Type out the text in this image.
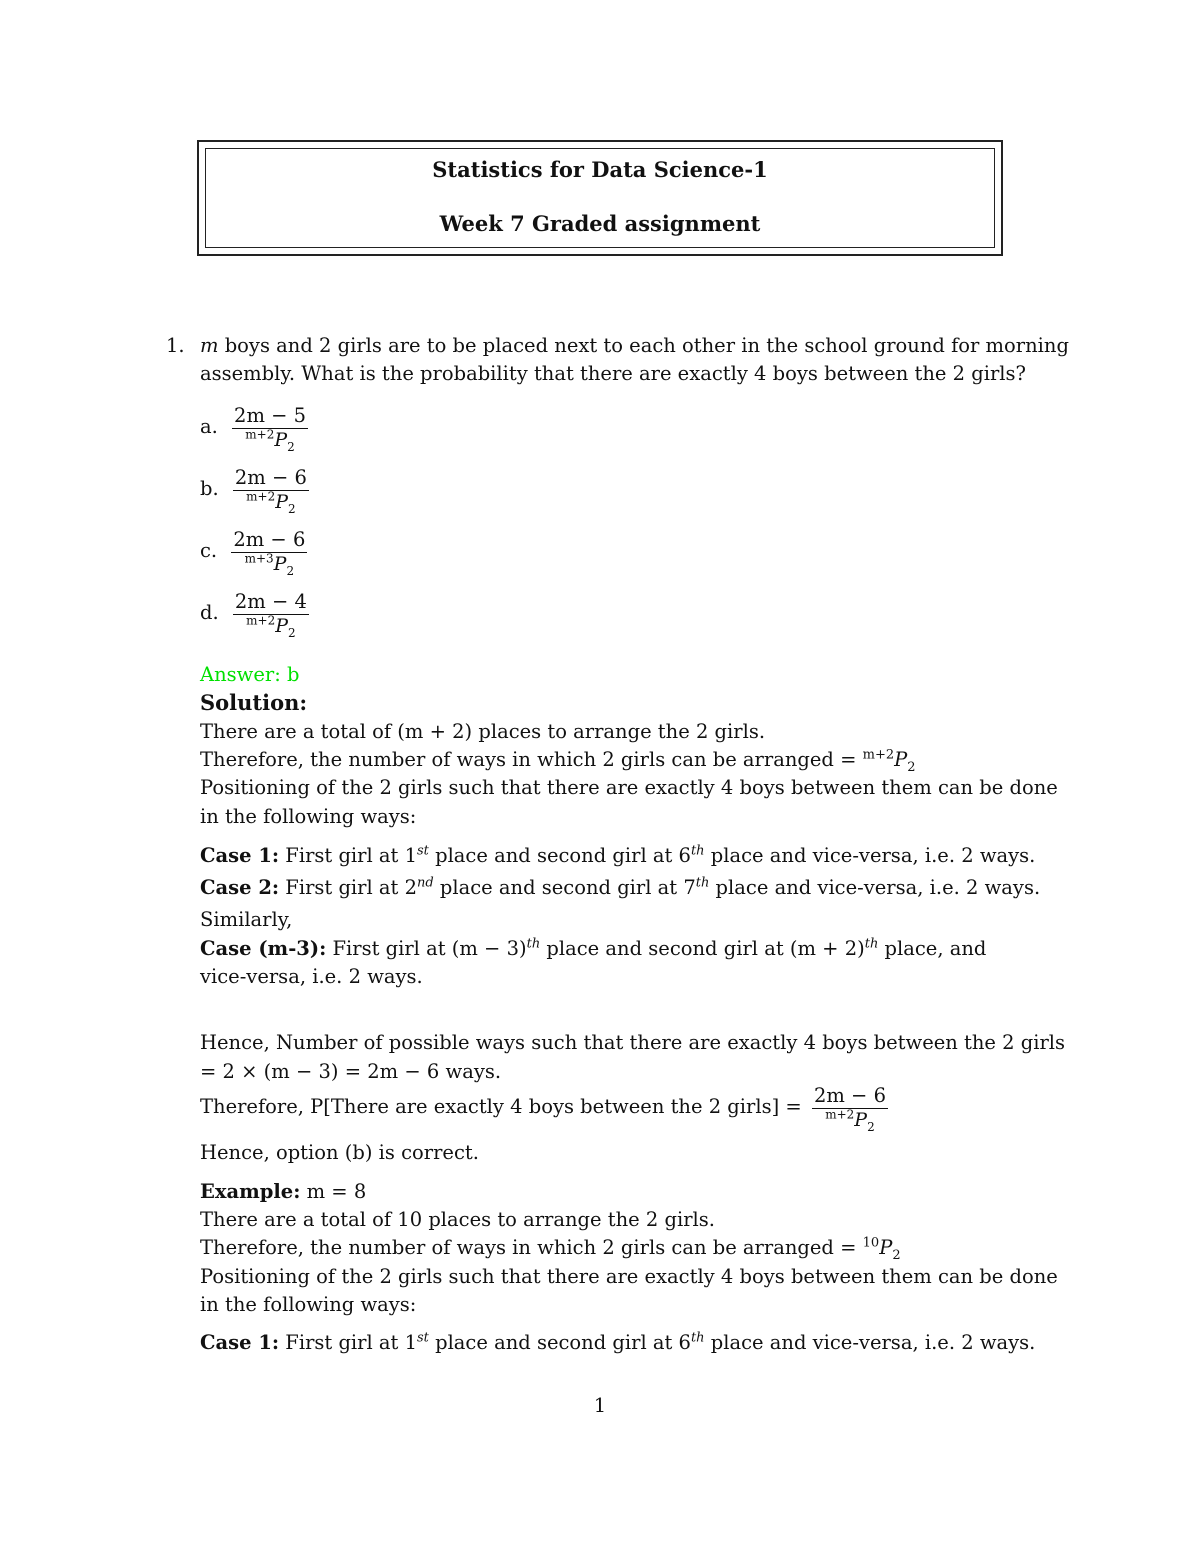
Statistics for Data Science-1
Week 7 Graded assignment
1. m boys and 2 girls are to be placed next to each other in the school ground for morning
assembly. What is the probability that there are exactly 4 boys between the 2 girls?
a. $\frac{2m - 5}{^{m+2}P_2}$
b. $\frac{2m - 6}{^{m+2}P_2}$
c. $\frac{2m - 6}{^{m+3}P_2}$
d. $\frac{2m - 4}{^{m+2}P_2}$
Answer: b
Solution:
There are a total of (m + 2) places to arrange the 2 girls.
Therefore, the number of ways in which 2 girls can be arranged = $^{m+2}P_2$
Positioning of the 2 girls such that there are exactly 4 boys between them can be done
in the following ways:
Case 1: First girl at 1st place and second girl at 6th place and vice-versa, i.e. 2 ways.
Case 2: First girl at 2nd place and second girl at 7th place and vice-versa, i.e. 2 ways.
Similarly,
Case (m-3): First girl at $(m - 3)^{th}$ place and second girl at $(m + 2)^{th}$ place, and
vice-versa, i.e. 2 ways.
Hence, Number of possible ways such that there are exactly 4 boys between the 2 girls
= 2 × (m − 3) = 2m − 6 ways.
Therefore, P[There are exactly 4 boys between the 2 girls] = $\frac{2m - 6}{^{m+2}P_2}$
Hence, option (b) is correct.
Example: m = 8
There are a total of 10 places to arrange the 2 girls.
Therefore, the number of ways in which 2 girls can be arranged = $^{10}P_2$
Positioning of the 2 girls such that there are exactly 4 boys between them can be done
in the following ways:
Case 1: First girl at 1st place and second girl at 6th place and vice-versa, i.e. 2 ways.
1
